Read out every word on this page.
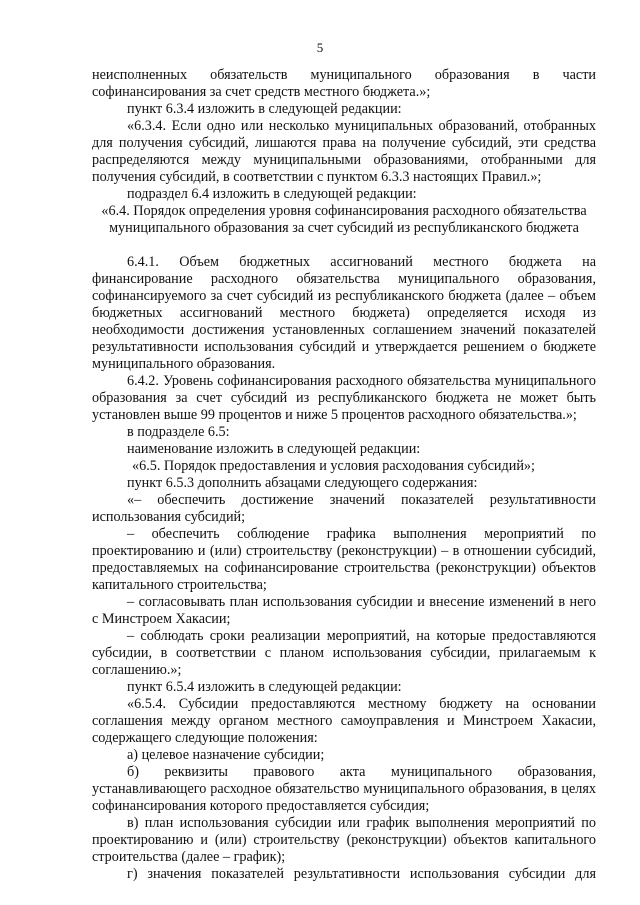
5
неисполненных обязательств муниципального образования в части
софинансирования за счет средств местного бюджета.»;
пункт 6.3.4 изложить в следующей редакции:
«6.3.4. Если одно или несколько муниципальных образований, отобранных
для получения субсидий, лишаются права на получение субсидий, эти средства
распределяются между муниципальными образованиями, отобранными для
получения субсидий, в соответствии с пунктом 6.3.3 настоящих Правил.»;
подраздел 6.4 изложить в следующей редакции:
«6.4. Порядок определения уровня софинансирования расходного обязательства
муниципального образования за счет субсидий из республиканского бюджета
6.4.1. Объем бюджетных ассигнований местного бюджета на
финансирование расходного обязательства муниципального образования,
софинансируемого за счет субсидий из республиканского бюджета (далее – объем
бюджетных ассигнований местного бюджета) определяется исходя из
необходимости достижения установленных соглашением значений показателей
результативности использования субсидий и утверждается решением о бюджете
муниципального образования.
6.4.2. Уровень софинансирования расходного обязательства муниципального
образования за счет субсидий из республиканского бюджета не может быть
установлен выше 99 процентов и ниже 5 процентов расходного обязательства.»;
в подразделе 6.5:
наименование изложить в следующей редакции:
«6.5. Порядок предоставления и условия расходования субсидий»;
пункт 6.5.3 дополнить абзацами следующего содержания:
«– обеспечить достижение значений показателей результативности
использования субсидий;
– обеспечить соблюдение графика выполнения мероприятий по
проектированию и (или) строительству (реконструкции) – в отношении субсидий,
предоставляемых на софинансирование строительства (реконструкции) объектов
капитального строительства;
– согласовывать план использования субсидии и внесение изменений в него
с Минстроем Хакасии;
– соблюдать сроки реализации мероприятий, на которые предоставляются
субсидии, в соответствии с планом использования субсидии, прилагаемым к
соглашению.»;
пункт 6.5.4 изложить в следующей редакции:
«6.5.4. Субсидии предоставляются местному бюджету на основании
соглашения между органом местного самоуправления и Минстроем Хакасии,
содержащего следующие положения:
а) целевое назначение субсидии;
б) реквизиты правового акта муниципального образования,
устанавливающего расходное обязательство муниципального образования, в целях
софинансирования которого предоставляется субсидия;
в) план использования субсидии или график выполнения мероприятий по
проектированию и (или) строительству (реконструкции) объектов капитального
строительства (далее – график);
г) значения показателей результативности использования субсидии для
